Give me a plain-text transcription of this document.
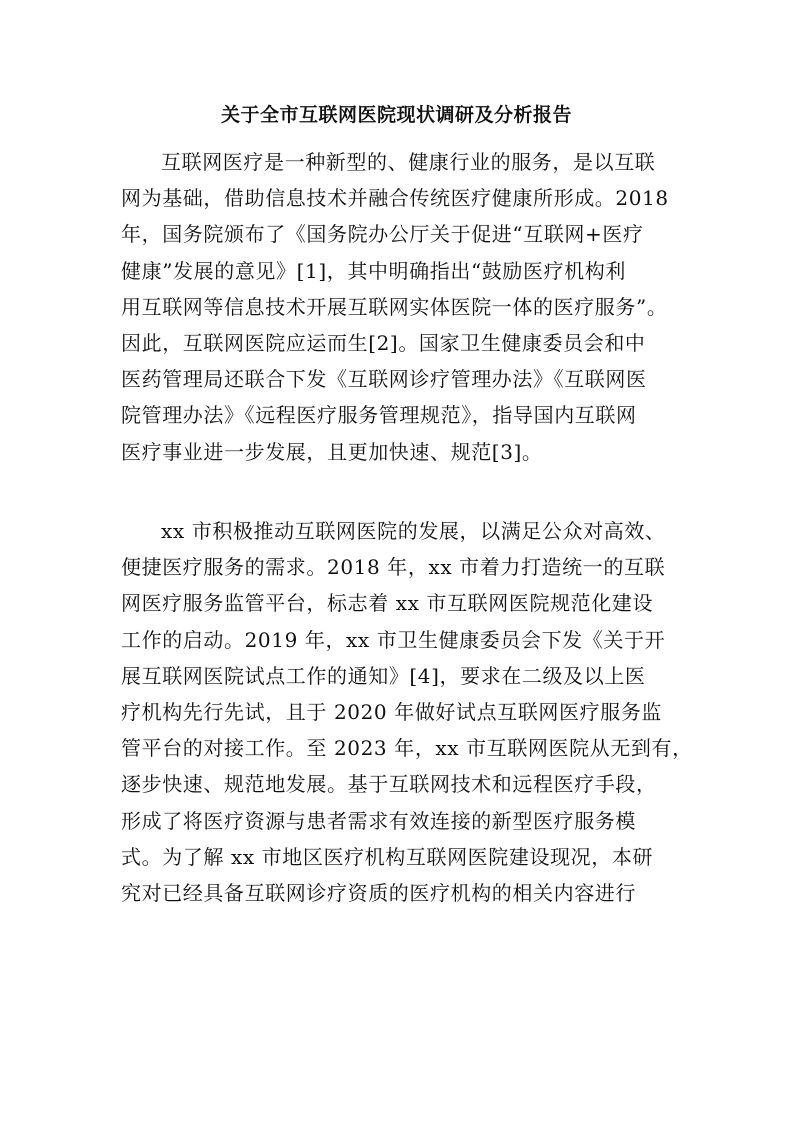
关于全市互联网医院现状调研及分析报告
互联网医疗是一种新型的、健康行业的服务，是以互联
网为基础，借助信息技术并融合传统医疗健康所形成。2018
年，国务院颁布了《国务院办公厅关于促进“互联网+医疗
健康”发展的意见》[1]，其中明确指出“鼓励医疗机构利
用互联网等信息技术开展互联网实体医院一体的医疗服务”。
因此，互联网医院应运而生[2]。国家卫生健康委员会和中
医药管理局还联合下发《互联网诊疗管理办法》《互联网医
院管理办法》《远程医疗服务管理规范》，指导国内互联网
医疗事业进一步发展，且更加快速、规范[3]。
xx 市积极推动互联网医院的发展，以满足公众对高效、
便捷医疗服务的需求。2018 年，xx 市着力打造统一的互联
网医疗服务监管平台，标志着 xx 市互联网医院规范化建设
工作的启动。2019 年，xx 市卫生健康委员会下发《关于开
展互联网医院试点工作的通知》[4]，要求在二级及以上医
疗机构先行先试，且于 2020 年做好试点互联网医疗服务监
管平台的对接工作。至 2023 年，xx 市互联网医院从无到有，
逐步快速、规范地发展。基于互联网技术和远程医疗手段，
形成了将医疗资源与患者需求有效连接的新型医疗服务模
式。为了解 xx 市地区医疗机构互联网医院建设现况，本研
究对已经具备互联网诊疗资质的医疗机构的相关内容进行
